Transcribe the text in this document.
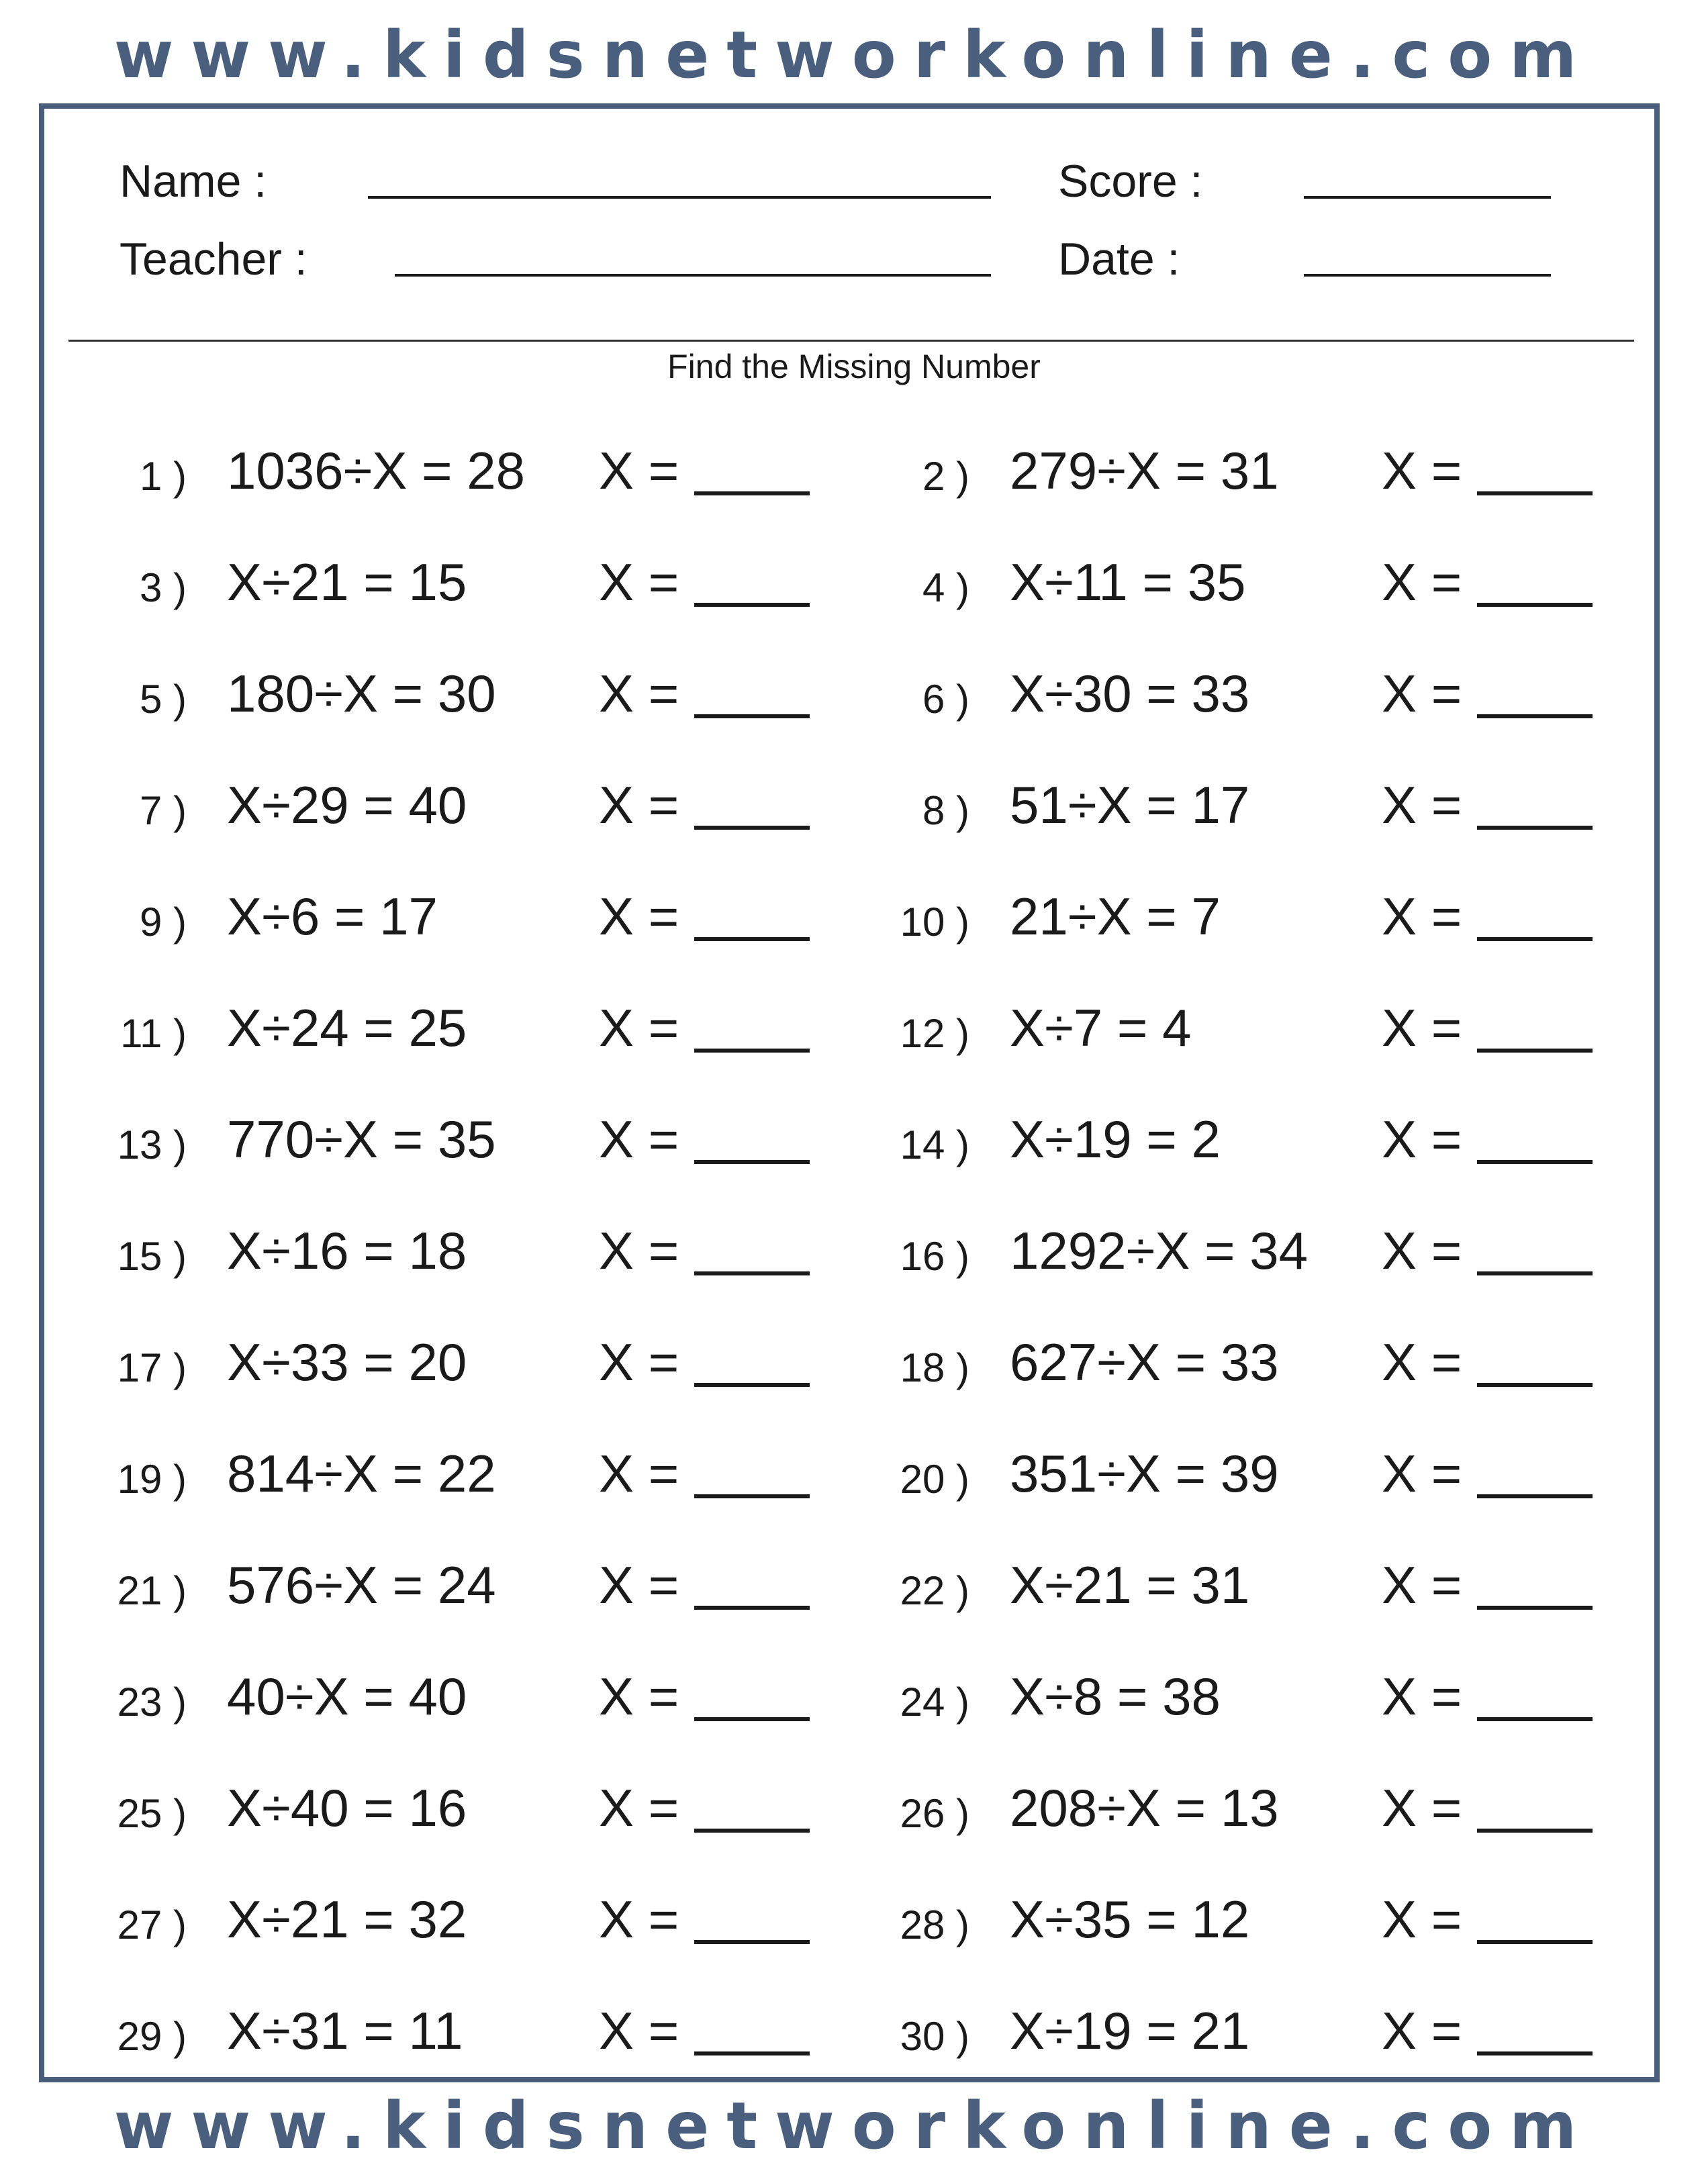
www.kidsnetworkonline.com
Name :
Teacher :
Score :
Date :
Find the Missing Number
1 ) 1036÷X = 28 X =	2 ) 279÷X = 31 X =
3 ) X÷21 = 15	X =	4 ) X÷11 = 35	X =
5 ) 180÷X = 30 X =	6 ) X÷30 = 33	X =
7 ) X÷29 = 40	X =	8 ) 51÷X = 17	X =
9 ) X÷6 = 17	X =	10 ) 21÷X = 7	X =
11 ) X÷24 = 25	X =	12 ) X÷7 = 4	X =
13 ) 770÷X = 35 X =	14 ) X÷19 = 2	X =
15 ) X÷16 = 18	X =	16 ) 1292÷X = 34 X =
17 ) X÷33 = 20	X =	18 ) 627÷X = 33 X =
19 ) 814÷X = 22 X =	20 ) 351÷X = 39 X =
21 ) 576÷X = 24 X =	22 ) X÷21 = 31	X =
23 ) 40÷X = 40	X =	24 ) X÷8 = 38	X =
25 ) X÷40 = 16	X =	26 ) 208÷X = 13 X =
27 ) X÷21 = 32	X =	28 ) X÷35 = 12	X =
29 ) X÷31 = 11	X =	30 ) X÷19 = 21	X =
www.kidsnetworkonline.com
